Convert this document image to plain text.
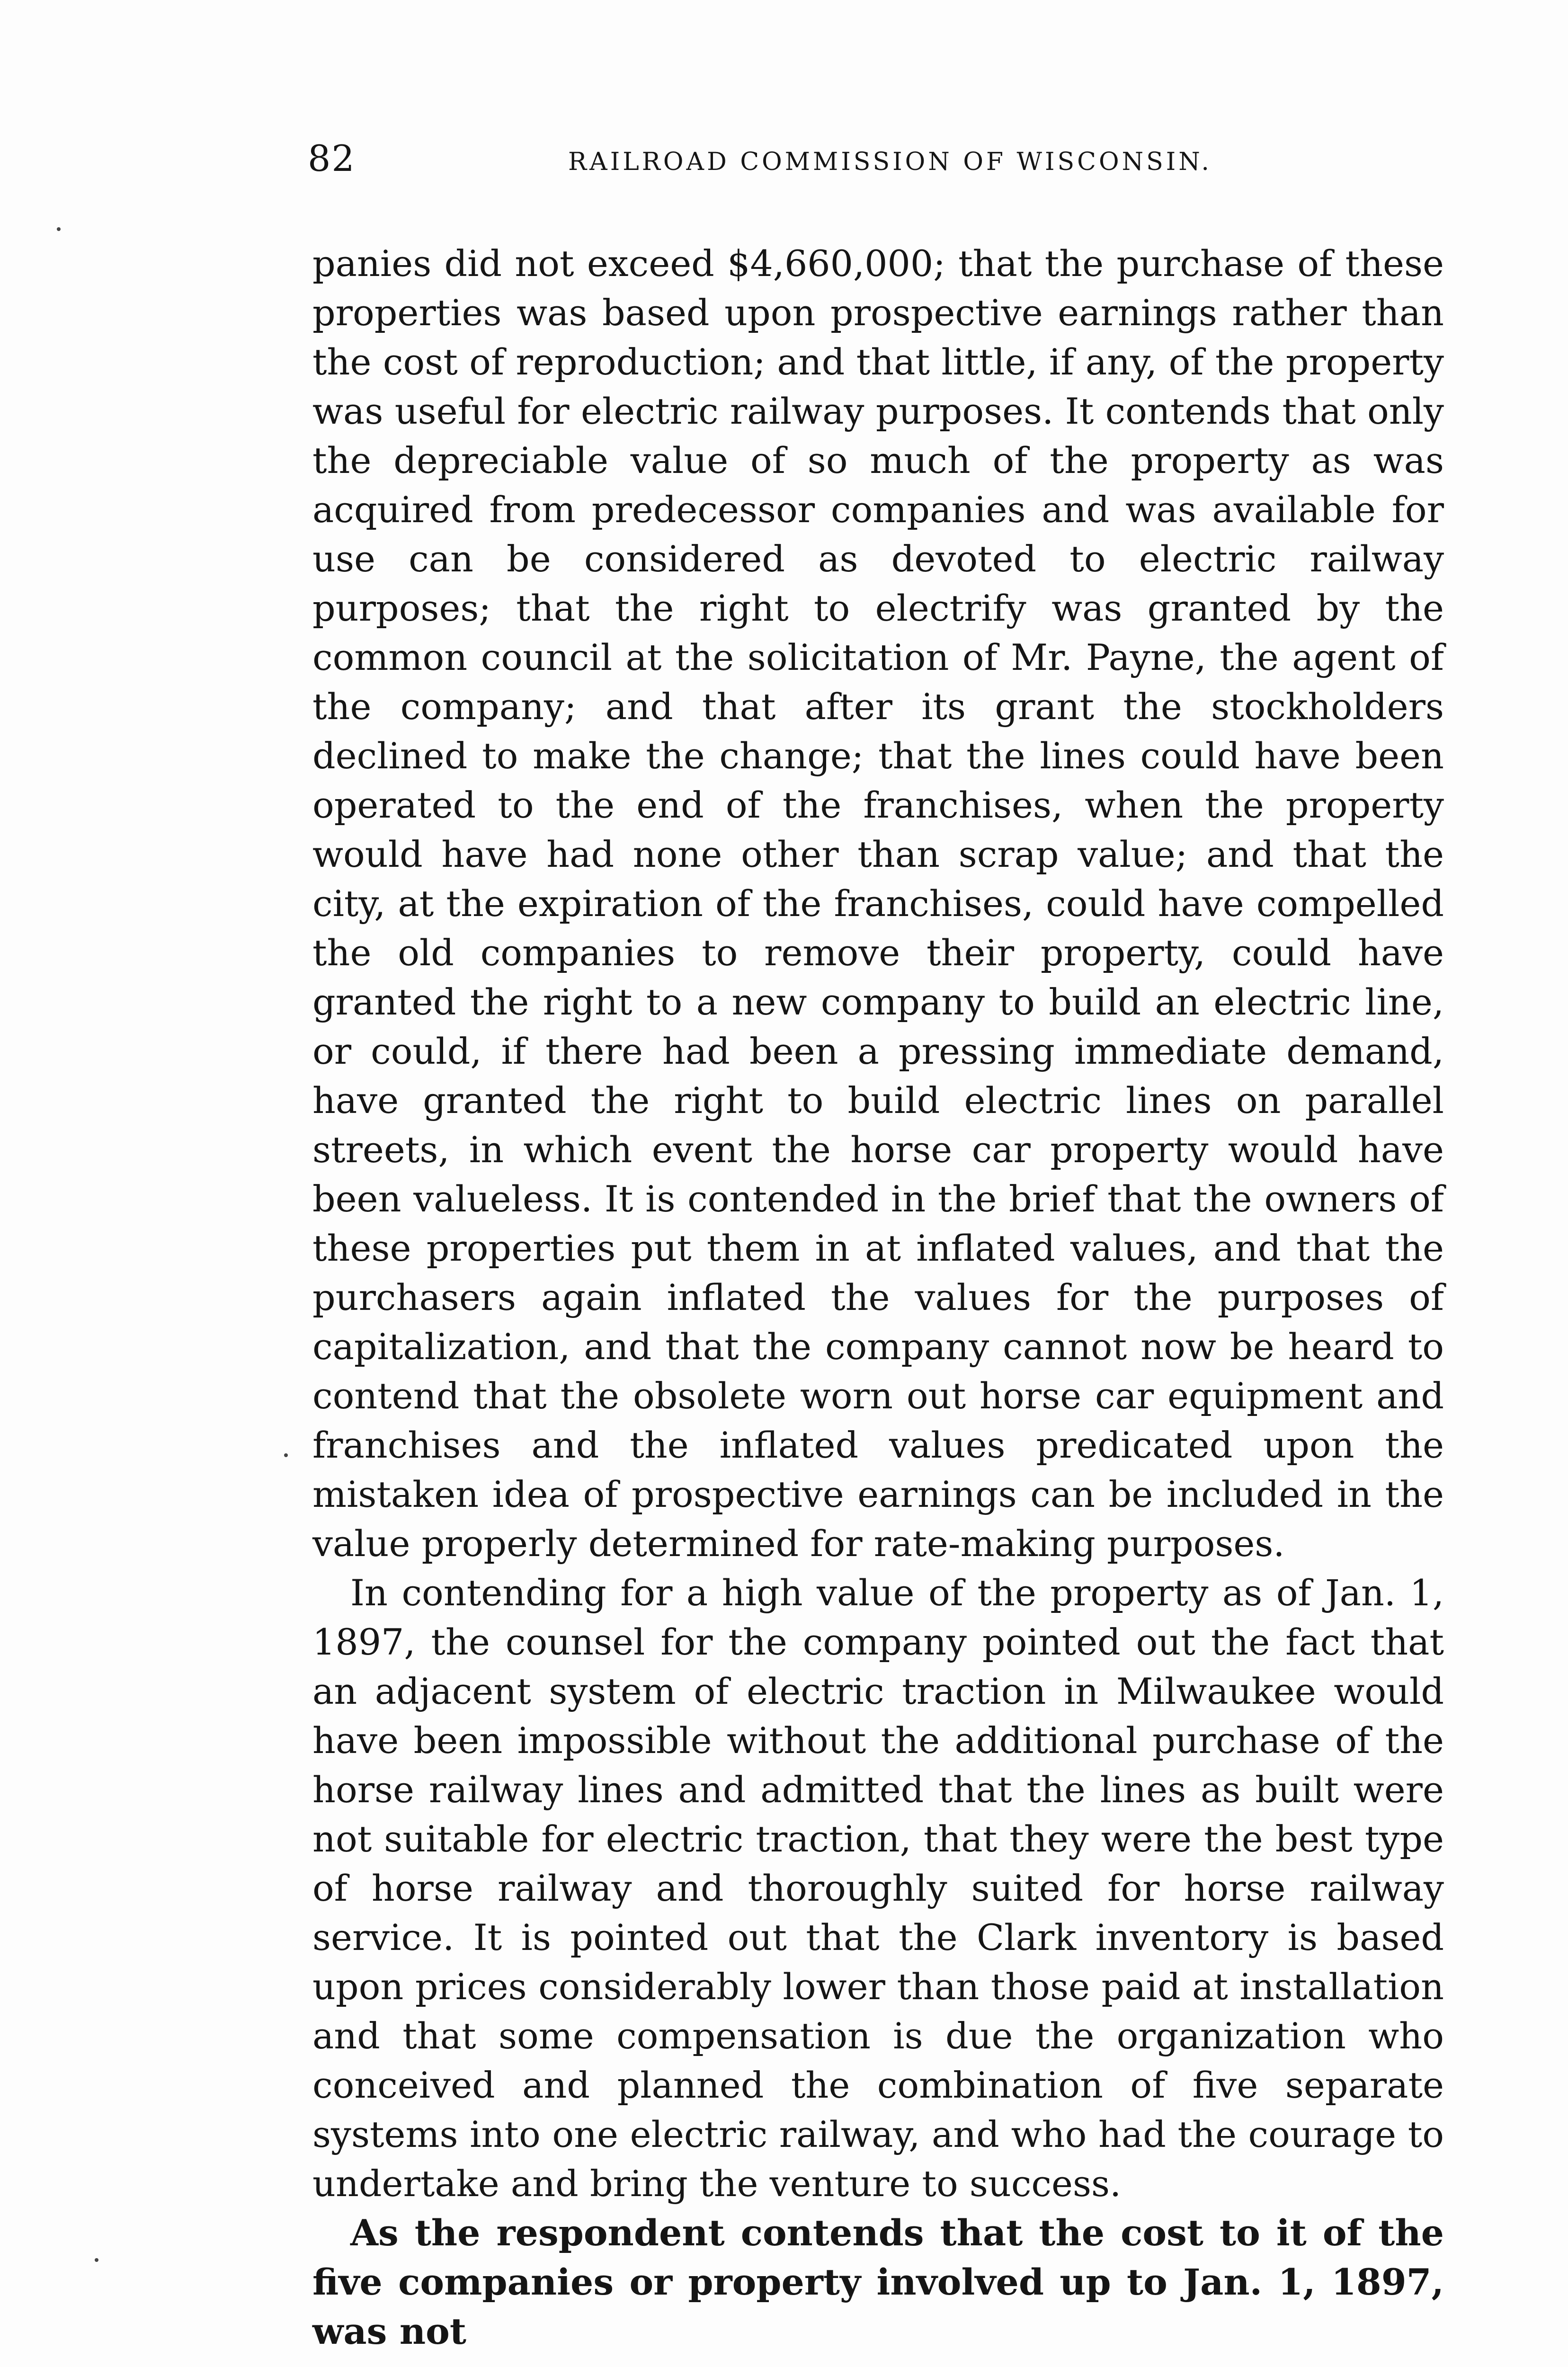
82	RAILROAD COMMISSION OF WISCONSIN.

panies did not exceed $4,660,000; that the purchase of these properties was based upon prospective earnings rather than the cost of reproduction; and that little, if any, of the property was useful for electric railway purposes. It contends that only the depreciable value of so much of the property as was acquired from predecessor companies and was available for use can be considered as devoted to electric railway purposes; that the right to electrify was granted by the common council at the solicitation of Mr. Payne, the agent of the company; and that after its grant the stockholders declined to make the change; that the lines could have been operated to the end of the franchises, when the property would have had none other than scrap value; and that the city, at the expiration of the franchises, could have compelled the old companies to remove their property, could have granted the right to a new company to build an electric line, or could, if there had been a pressing immediate demand, have granted the right to build electric lines on parallel streets, in which event the horse car property would have been valueless. It is contended in the brief that the owners of these properties put them in at inflated values, and that the purchasers again inflated the values for the purposes of capitalization, and that the company cannot now be heard to contend that the obsolete worn out horse car equipment and franchises and the inflated values predicated upon the mistaken idea of prospective earnings can be included in the value properly determined for rate-making purposes.

In contending for a high value of the property as of Jan. 1, 1897, the counsel for the company pointed out the fact that an adjacent system of electric traction in Milwaukee would have been impossible without the additional purchase of the horse railway lines and admitted that the lines as built were not suitable for electric traction, that they were the best type of horse railway and thoroughly suited for horse railway service. It is pointed out that the Clark inventory is based upon prices considerably lower than those paid at installation and that some compensation is due the organization who conceived and planned the combination of five separate systems into one electric railway, and who had the courage to undertake and bring the venture to success.

As the respondent contends that the cost to it of the five companies or property involved up to Jan. 1, 1897, was not
